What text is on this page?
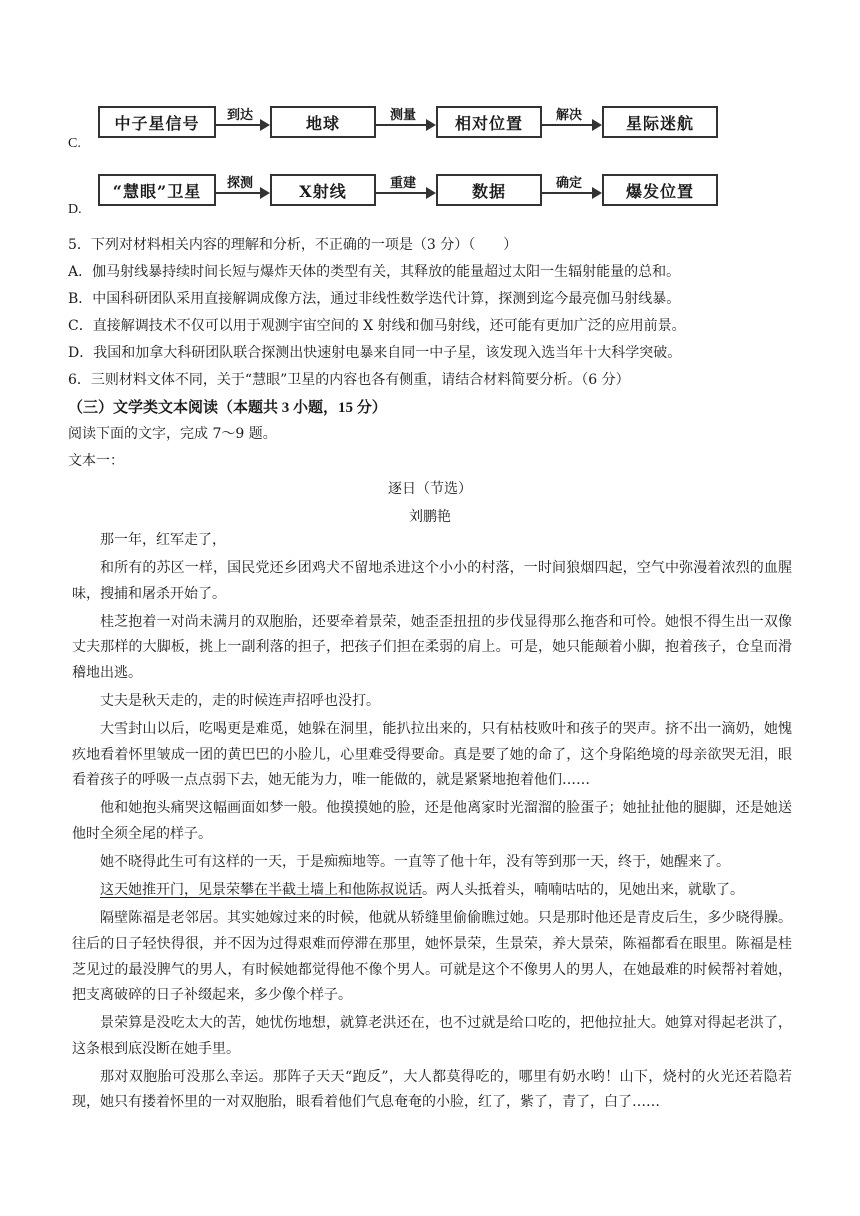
C.
中子星信号	到达	地球	测量	相对位置	解决	星际迷航
D.
“慧眼”卫星	探测	X射线	重建	数据	确定	爆发位置
5．下列对材料相关内容的理解和分析，不正确的一项是（3 分）（　　）
A．伽马射线暴持续时间长短与爆炸天体的类型有关，其释放的能量超过太阳一生辐射能量的总和。
B．中国科研团队采用直接解调成像方法，通过非线性数学迭代计算，探测到迄今最亮伽马射线暴。
C．直接解调技术不仅可以用于观测宇宙空间的 X 射线和伽马射线，还可能有更加广泛的应用前景。
D．我国和加拿大科研团队联合探测出快速射电暴来自同一中子星，该发现入选当年十大科学突破。
6．三则材料文体不同，关于“慧眼”卫星的内容也各有侧重，请结合材料简要分析。（6 分）
（三）文学类文本阅读（本题共 3 小题，15 分）
阅读下面的文字，完成 7～9 题。
文本一：
逐日（节选）
刘鹏艳

那一年，红军走了，

和所有的苏区一样，国民党还乡团鸡犬不留地杀进这个小小的村落，一时间狼烟四起，空气中弥漫着浓烈的血腥味，搜捕和屠杀开始了。

桂芝抱着一对尚未满月的双胞胎，还要牵着景荣，她歪歪扭扭的步伐显得那么拖沓和可怜。她恨不得生出一双像丈夫那样的大脚板，挑上一副利落的担子，把孩子们担在柔弱的肩上。可是，她只能颠着小脚，抱着孩子，仓皇而滑稽地出逃。

丈夫是秋天走的，走的时候连声招呼也没打。

大雪封山以后，吃喝更是难觅，她躲在洞里，能扒拉出来的，只有枯枝败叶和孩子的哭声。挤不出一滴奶，她愧疚地看着怀里皱成一团的黄巴巴的小脸儿，心里难受得要命。真是要了她的命了，这个身陷绝境的母亲欲哭无泪，眼看着孩子的呼吸一点点弱下去，她无能为力，唯一能做的，就是紧紧地抱着他们……

他和她抱头痛哭这幅画面如梦一般。他摸摸她的脸，还是他离家时光溜溜的脸蛋子；她扯扯他的腿脚，还是她送他时全须全尾的样子。

她不晓得此生可有这样的一天，于是痴痴地等。一直等了他十年，没有等到那一天，终于，她醒来了。

这天她推开门，见景荣攀在半截土墙上和他陈叔说话。两人头抵着头，喃喃咕咕的，见她出来，就歇了。

隔壁陈福是老邻居。其实她嫁过来的时候，他就从轿缝里偷偷瞧过她。只是那时他还是青皮后生，多少晓得臊。往后的日子轻快得很，并不因为过得艰难而停滞在那里，她怀景荣，生景荣，养大景荣，陈福都看在眼里。陈福是桂芝见过的最没脾气的男人，有时候她都觉得他不像个男人。可就是这个不像男人的男人，在她最难的时候帮衬着她，把支离破碎的日子补缀起来，多少像个样子。

景荣算是没吃太大的苦，她忧伤地想，就算老洪还在，也不过就是给口吃的，把他拉扯大。她算对得起老洪了，这条根到底没断在她手里。

那对双胞胎可没那么幸运。那阵子天天“跑反”，大人都莫得吃的，哪里有奶水哟！山下，烧村的火光还若隐若现，她只有搂着怀里的一对双胞胎，眼看着他们气息奄奄的小脸，红了，紫了，青了，白了……
